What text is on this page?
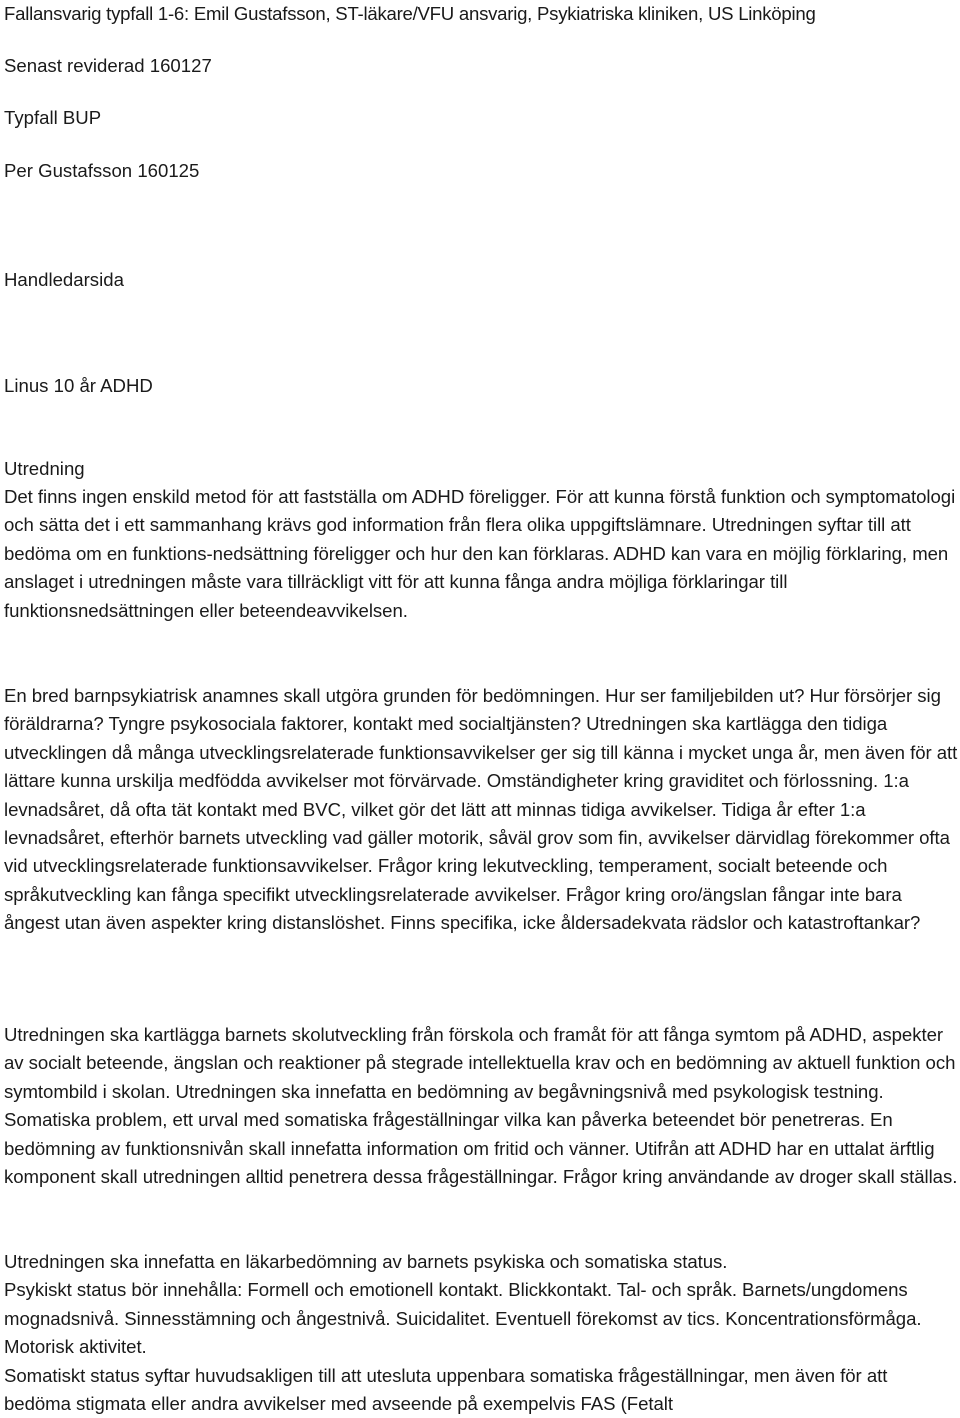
Fallansvarig typfall 1-6: Emil Gustafsson, ST-läkare/VFU ansvarig, Psykiatriska kliniken, US Linköping
Senast reviderad 160127
Typfall BUP
Per Gustafsson 160125
Handledarsida
Linus 10 år ADHD
Utredning
Det finns ingen enskild metod för att fastställa om ADHD föreligger. För att kunna förstå funktion och symptomatologi och sätta det i ett sammanhang krävs god information från flera olika uppgiftslämnare. Utredningen syftar till att bedöma om en funktions-nedsättning föreligger och hur den kan förklaras. ADHD kan vara en möjlig förklaring, men anslaget i utredningen måste vara tillräckligt vitt för att kunna fånga andra möjliga förklaringar till funktionsnedsättningen eller beteendeavvikelsen.
En bred barnpsykiatrisk anamnes skall utgöra grunden för bedömningen. Hur ser familjebilden ut? Hur försörjer sig föräldrarna? Tyngre psykosociala faktorer, kontakt med socialtjänsten? Utredningen ska kartlägga den tidiga utvecklingen då många utvecklingsrelaterade funktionsavvikelser ger sig till känna i mycket unga år, men även för att lättare kunna urskilja medfödda avvikelser mot förvärvade. Omständigheter kring graviditet och förlossning. 1:a levnadsåret, då ofta tät kontakt med BVC, vilket gör det lätt att minnas tidiga avvikelser. Tidiga år efter 1:a levnadsåret, efterhör barnets utveckling vad gäller motorik, såväl grov som fin, avvikelser därvidlag förekommer ofta vid utvecklingsrelaterade funktionsavvikelser. Frågor kring lekutveckling, temperament, socialt beteende och språkutveckling kan fånga specifikt utvecklingsrelaterade avvikelser. Frågor kring oro/ängslan fångar inte bara ångest utan även aspekter kring distanslöshet. Finns specifika, icke åldersadekvata rädslor och katastroftankar?
Utredningen ska kartlägga barnets skolutveckling från förskola och framåt för att fånga symtom på ADHD, aspekter av socialt beteende, ängslan och reaktioner på stegrade intellektuella krav och en bedömning av aktuell funktion och symtombild i skolan. Utredningen ska innefatta en bedömning av begåvningsnivå med psykologisk testning. Somatiska problem, ett urval med somatiska frågeställningar vilka kan påverka beteendet bör penetreras. En bedömning av funktionsnivån skall innefatta information om fritid och vänner. Utifrån att ADHD har en uttalat ärftlig komponent skall utredningen alltid penetrera dessa frågeställningar. Frågor kring användande av droger skall ställas.

Utredningen ska innefatta en läkarbedömning av barnets psykiska och somatiska status.

Psykiskt status bör innehålla: Formell och emotionell kontakt. Blickkontakt. Tal- och språk. Barnets/ungdomens mognadsnivå. Sinnesstämning och ångestnivå. Suicidalitet. Eventuell förekomst av tics. Koncentrationsförmåga. Motorisk aktivitet.

Somatiskt status syftar huvudsakligen till att utesluta uppenbara somatiska frågeställningar, men även för att bedöma stigmata eller andra avvikelser med avseende på exempelvis FAS (Fetalt
